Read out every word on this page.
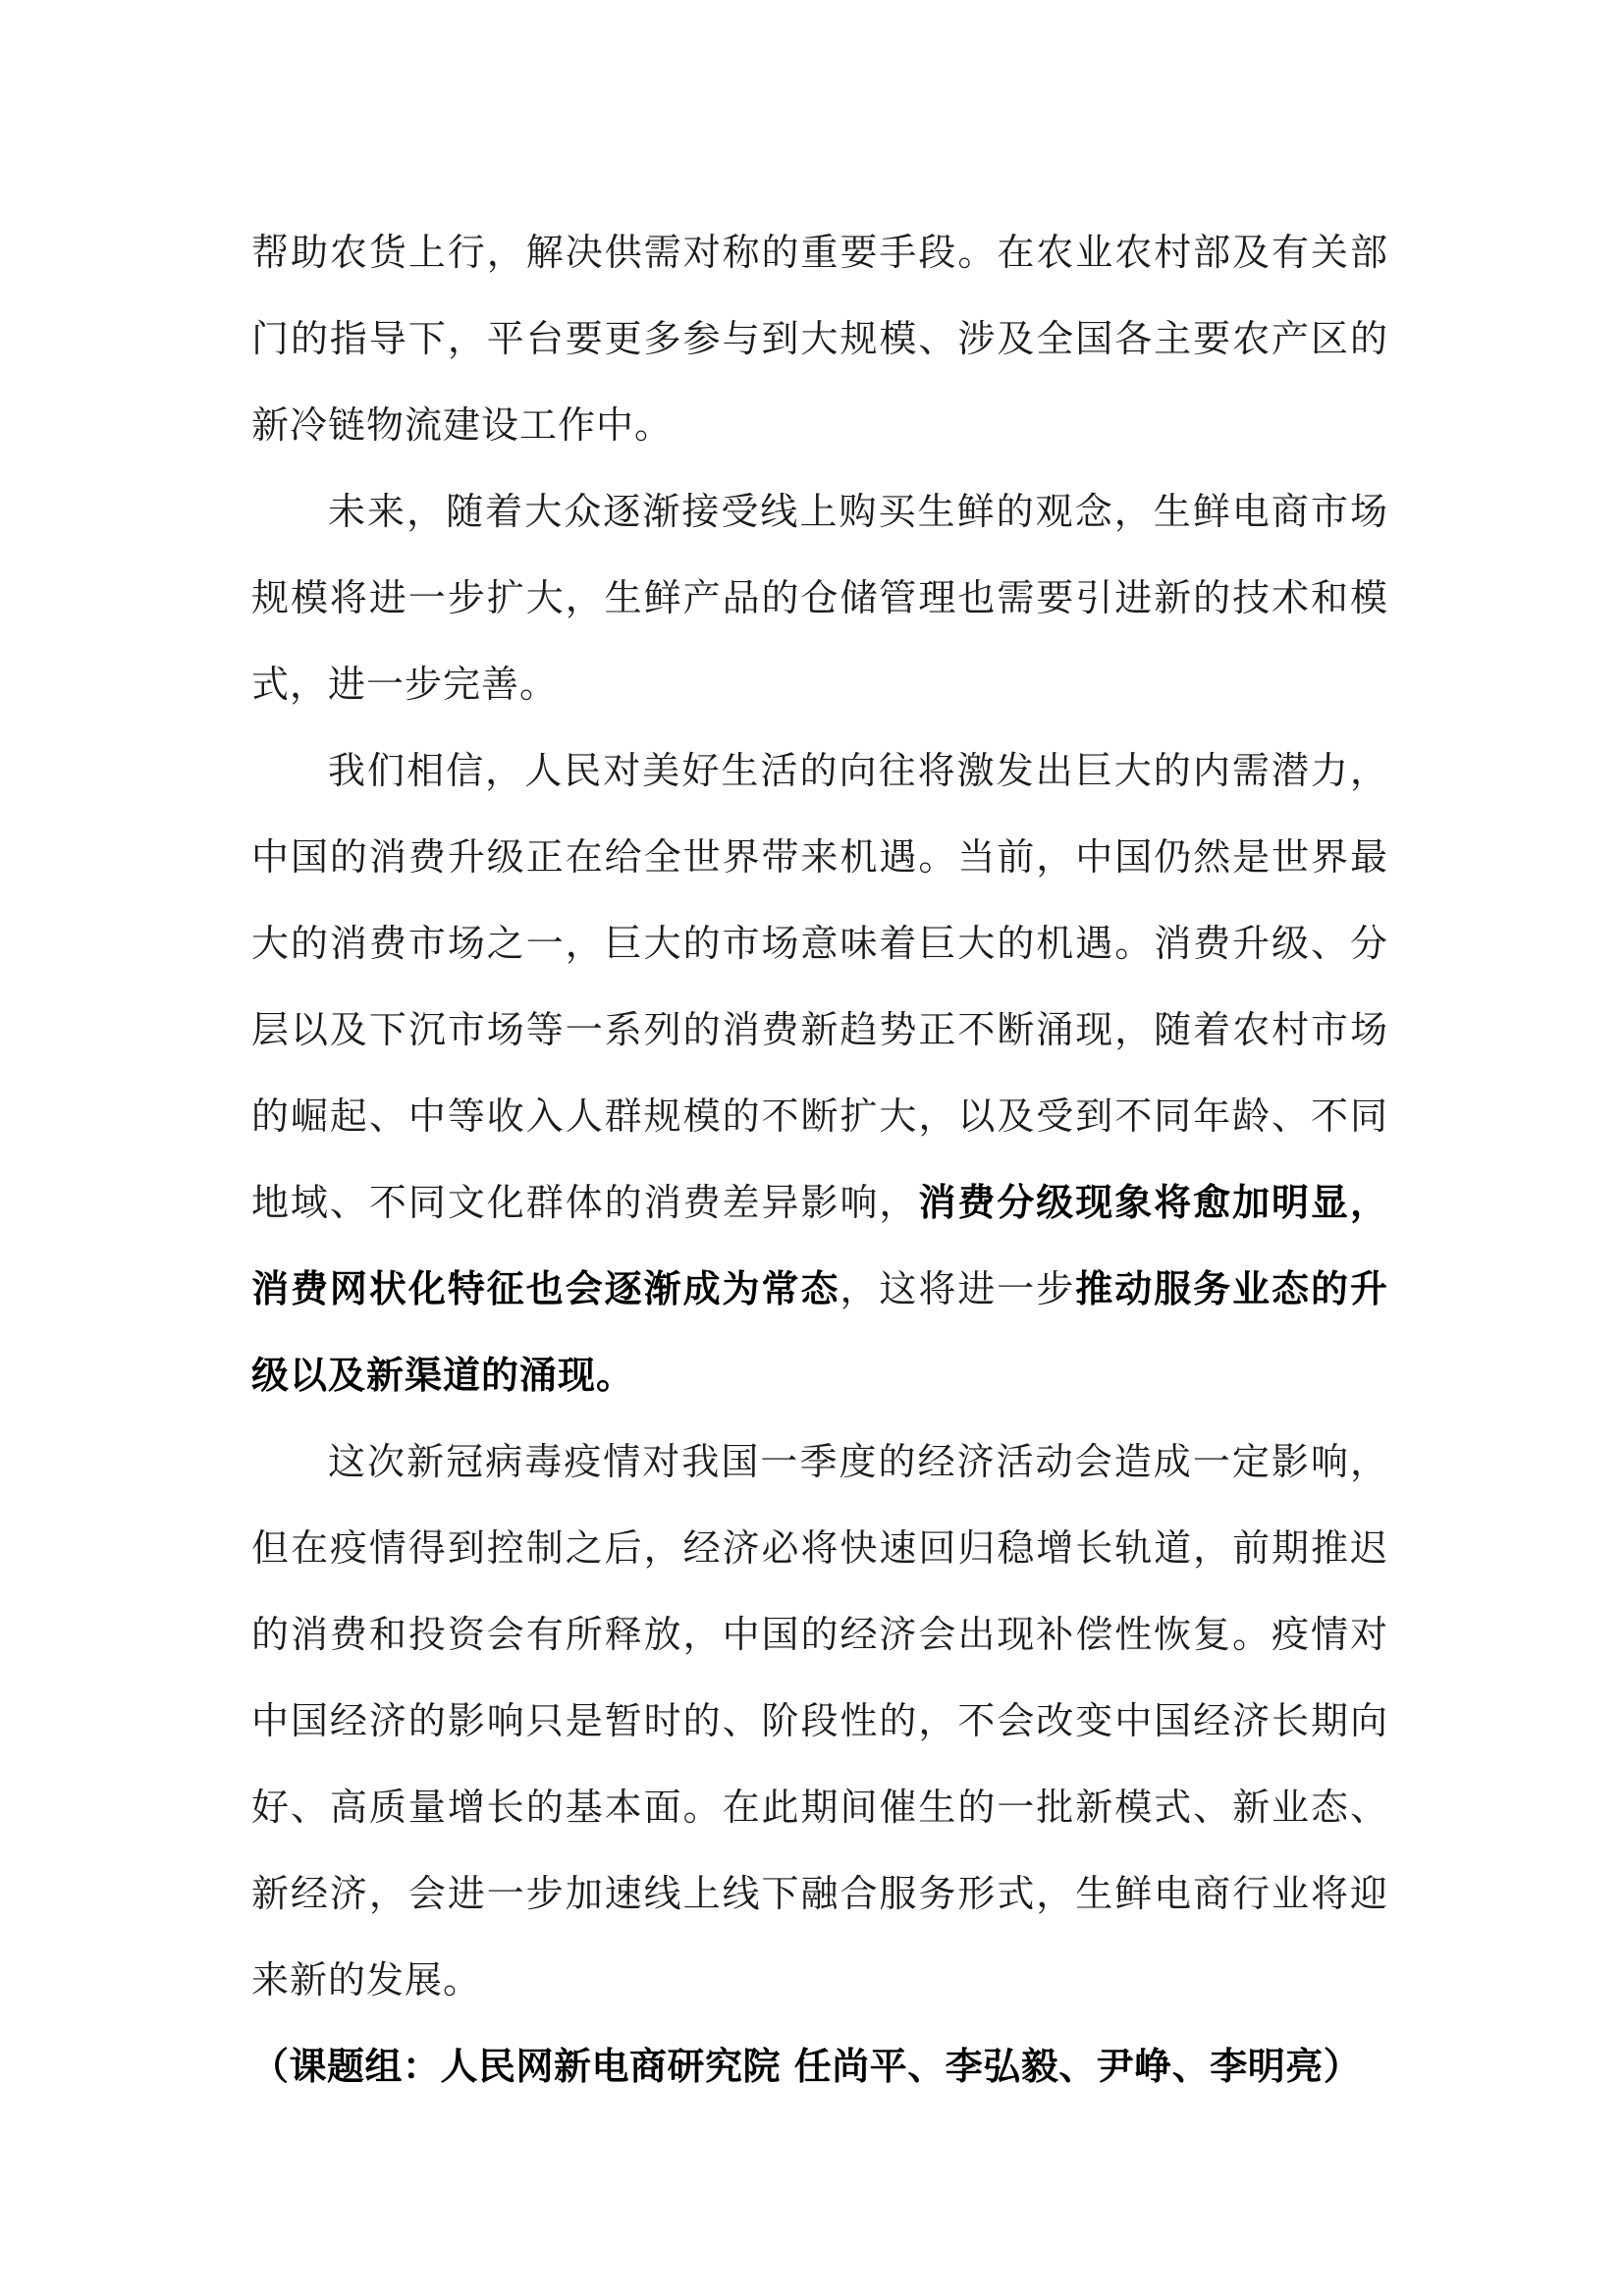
帮助农货上行，解决供需对称的重要手段。在农业农村部及有关部门的指导下，平台要更多参与到大规模、涉及全国各主要农产区的新冷链物流建设工作中。

未来，随着大众逐渐接受线上购买生鲜的观念，生鲜电商市场规模将进一步扩大，生鲜产品的仓储管理也需要引进新的技术和模式，进一步完善。

我们相信，人民对美好生活的向往将激发出巨大的内需潜力，中国的消费升级正在给全世界带来机遇。当前，中国仍然是世界最大的消费市场之一，巨大的市场意味着巨大的机遇。消费升级、分层以及下沉市场等一系列的消费新趋势正不断涌现，随着农村市场的崛起、中等收入人群规模的不断扩大，以及受到不同年龄、不同地域、不同文化群体的消费差异影响，消费分级现象将愈加明显，消费网状化特征也会逐渐成为常态，这将进一步推动服务业态的升级以及新渠道的涌现。

这次新冠病毒疫情对我国一季度的经济活动会造成一定影响，但在疫情得到控制之后，经济必将快速回归稳增长轨道，前期推迟的消费和投资会有所释放，中国的经济会出现补偿性恢复。疫情对中国经济的影响只是暂时的、阶段性的，不会改变中国经济长期向好、高质量增长的基本面。在此期间催生的一批新模式、新业态、新经济，会进一步加速线上线下融合服务形式，生鲜电商行业将迎来新的发展。

（课题组：人民网新电商研究院 任尚平、李弘毅、尹峥、李明亮）
